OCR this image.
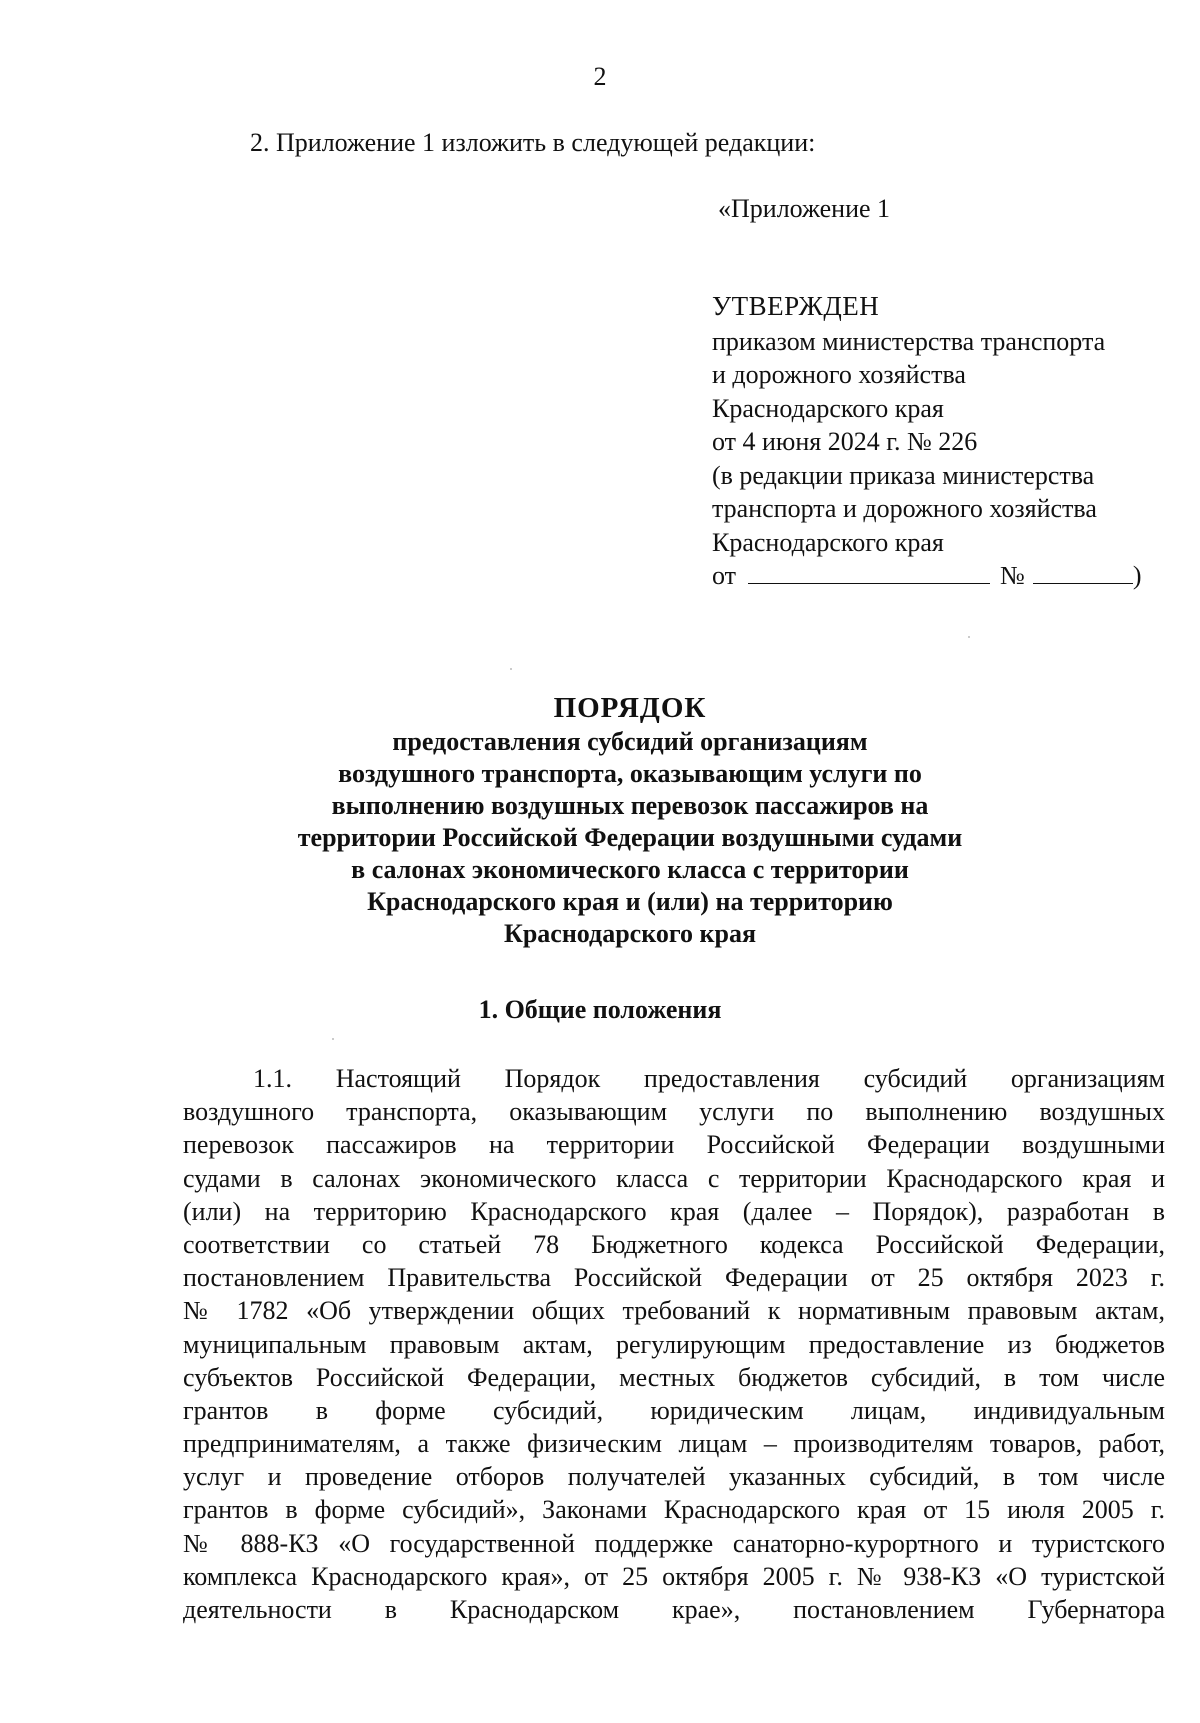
2
2. Приложение 1 изложить в следующей редакции:
«Приложение 1
УТВЕРЖДЕН
приказом министерства транспорта
и дорожного хозяйства
Краснодарского края
от 4 июня 2024 г. № 226
(в редакции приказа министерства
транспорта и дорожного хозяйства
Краснодарского края
от	№	)
ПОРЯДОК
предоставления субсидий организациям
воздушного транспорта, оказывающим услуги по
выполнению воздушных перевозок пассажиров на
территории Российской Федерации воздушными судами
в салонах экономического класса с территории
Краснодарского края и (или) на территорию
Краснодарского края
1. Общие положения
1.1. Настоящий Порядок предоставления субсидий организациям
воздушного транспорта, оказывающим услуги по выполнению воздушных
перевозок пассажиров на территории Российской Федерации воздушными
судами в салонах экономического класса с территории Краснодарского края и
(или) на территорию Краснодарского края (далее – Порядок), разработан в
соответствии со статьей 78 Бюджетного кодекса Российской Федерации,
постановлением Правительства Российской Федерации от 25 октября 2023 г.
№ 1782 «Об утверждении общих требований к нормативным правовым актам,
муниципальным правовым актам, регулирующим предоставление из бюджетов
субъектов Российской Федерации, местных бюджетов субсидий, в том числе
грантов в форме субсидий, юридическим лицам, индивидуальным
предпринимателям, а также физическим лицам – производителям товаров, работ,
услуг и проведение отборов получателей указанных субсидий, в том числе
грантов в форме субсидий», Законами Краснодарского края от 15 июля 2005 г.
№ 888-КЗ «О государственной поддержке санаторно-курортного и туристского
комплекса Краснодарского края», от 25 октября 2005 г. № 938-КЗ «О туристской
деятельности в Краснодарском крае», постановлением Губернатора
